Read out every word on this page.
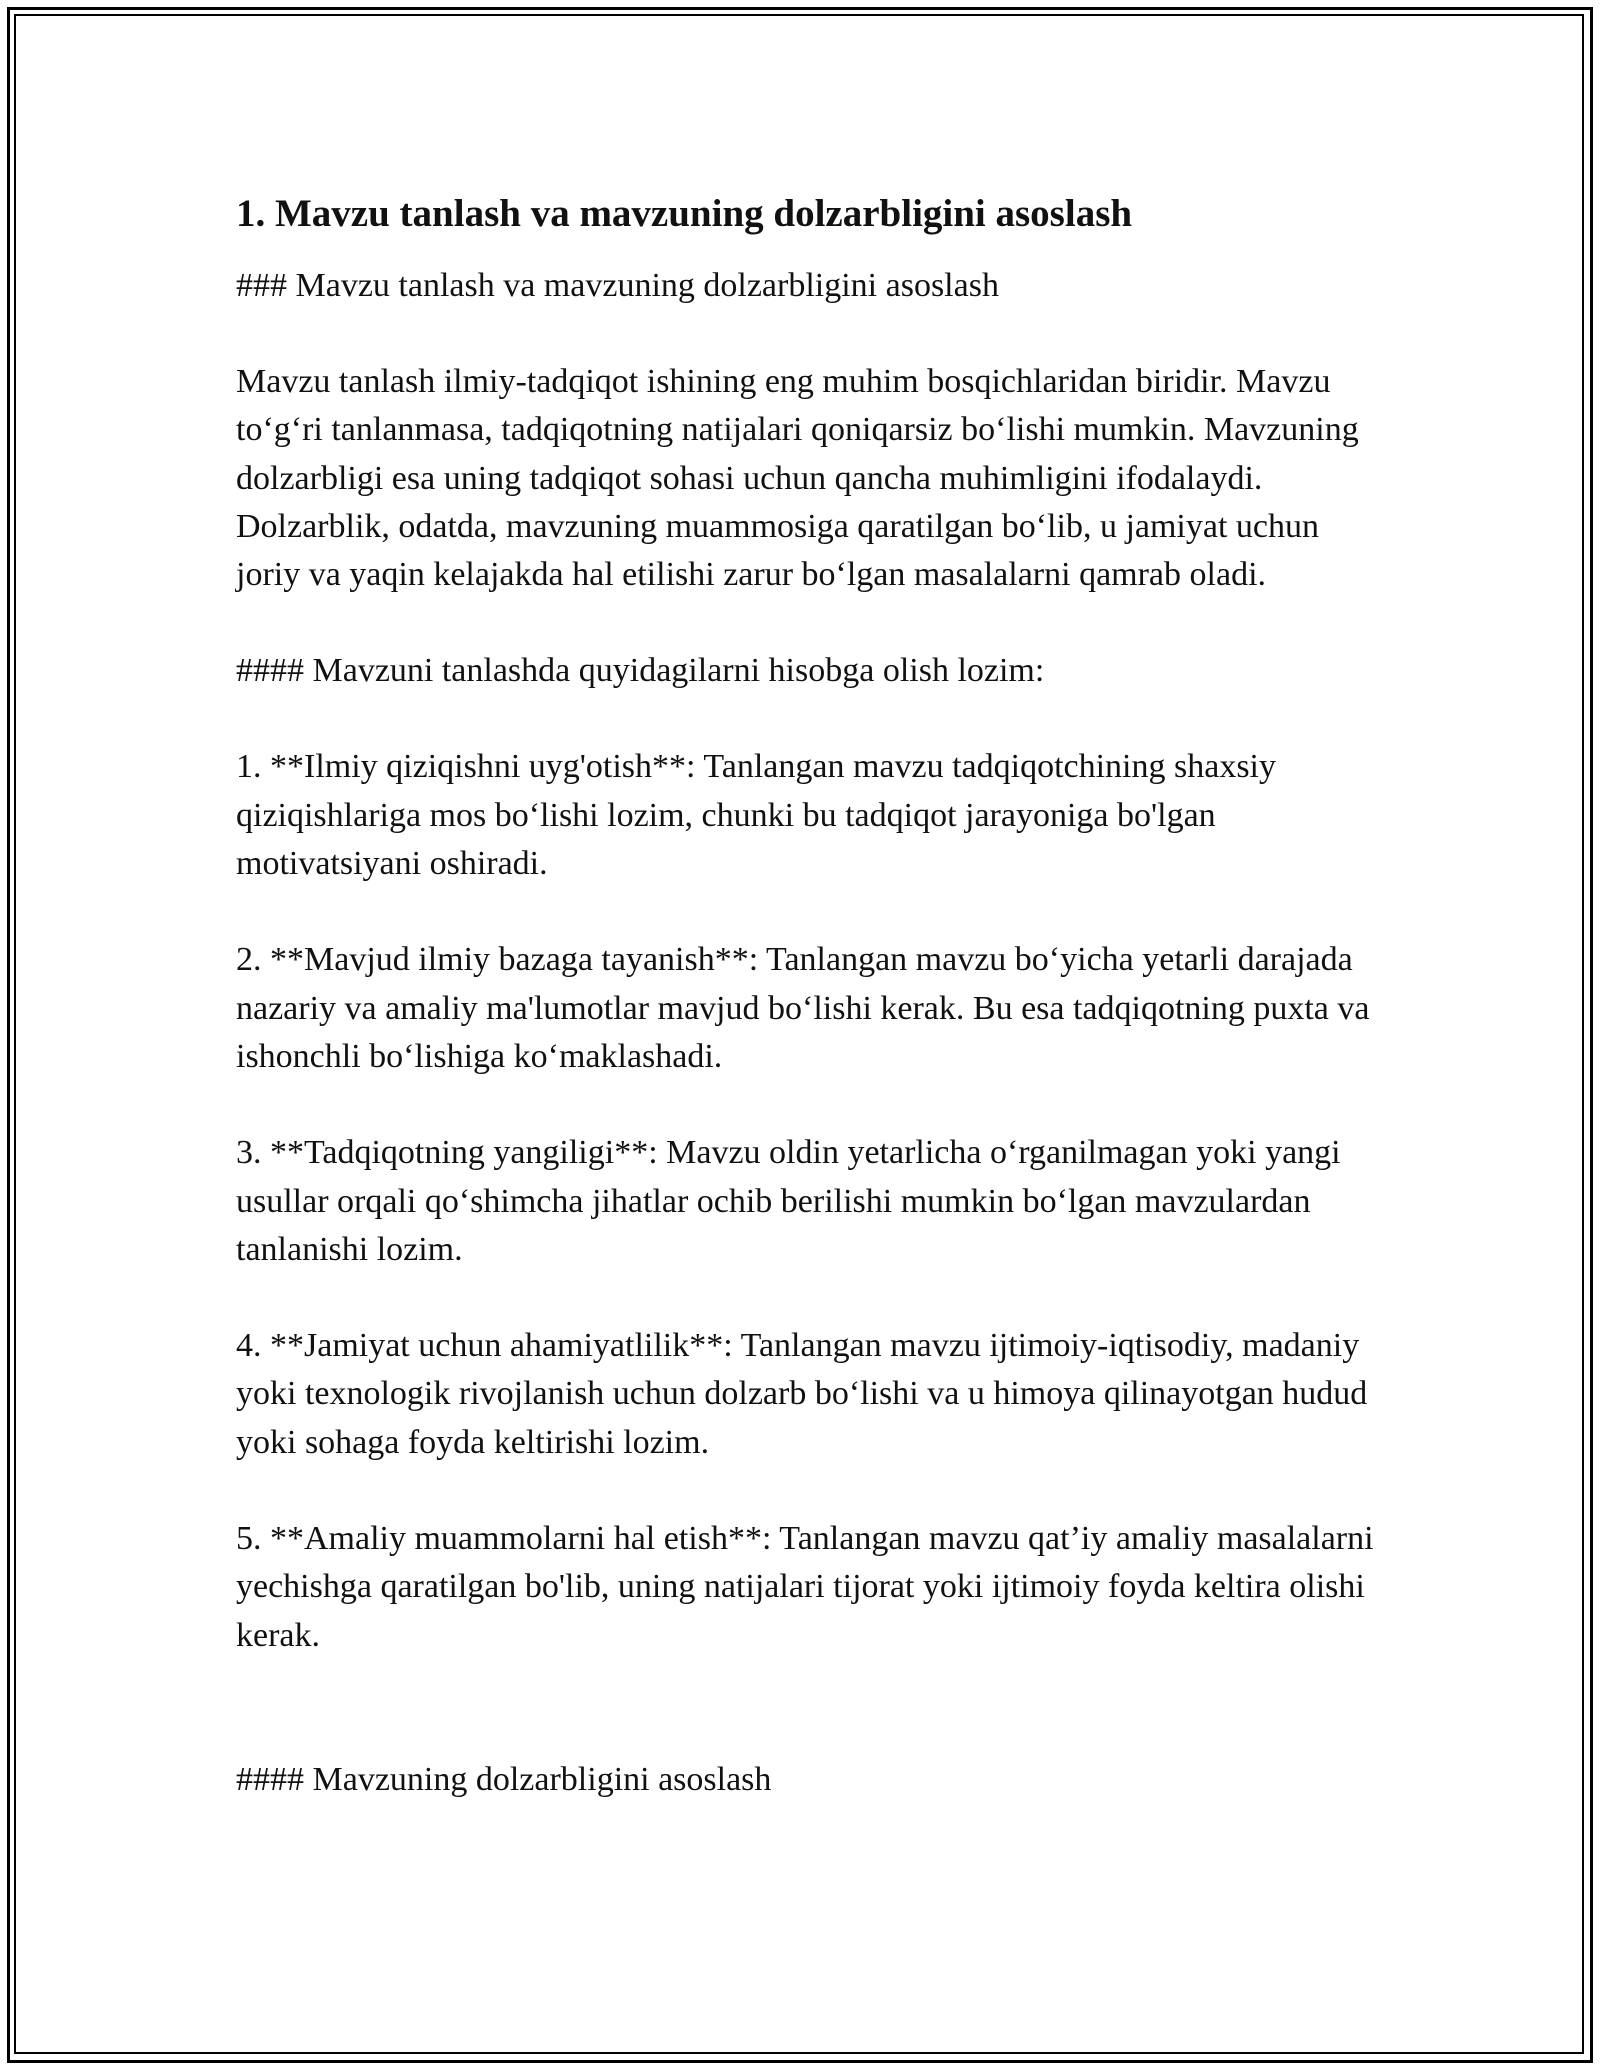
1. Mavzu tanlash va mavzuning dolzarbligini asoslash

### Mavzu tanlash va mavzuning dolzarbligini asoslash

Mavzu tanlash ilmiy-tadqiqot ishining eng muhim bosqichlaridan biridir. Mavzu to‘g‘ri tanlanmasa, tadqiqotning natijalari qoniqarsiz bo‘lishi mumkin. Mavzuning dolzarbligi esa uning tadqiqot sohasi uchun qancha muhimligini ifodalaydi. Dolzarblik, odatda, mavzuning muammosiga qaratilgan bo‘lib, u jamiyat uchun joriy va yaqin kelajakda hal etilishi zarur bo‘lgan masalalarni qamrab oladi.

#### Mavzuni tanlashda quyidagilarni hisobga olish lozim:

1. **Ilmiy qiziqishni uyg'otish**: Tanlangan mavzu tadqiqotchining shaxsiy qiziqishlariga mos bo‘lishi lozim, chunki bu tadqiqot jarayoniga bo'lgan motivatsiyani oshiradi.

2. **Mavjud ilmiy bazaga tayanish**: Tanlangan mavzu bo‘yicha yetarli darajada nazariy va amaliy ma'lumotlar mavjud bo‘lishi kerak. Bu esa tadqiqotning puxta va ishonchli bo‘lishiga ko‘maklashadi.

3. **Tadqiqotning yangiligi**: Mavzu oldin yetarlicha o‘rganilmagan yoki yangi usullar orqali qo‘shimcha jihatlar ochib berilishi mumkin bo‘lgan mavzulardan tanlanishi lozim.

4. **Jamiyat uchun ahamiyatlilik**: Tanlangan mavzu ijtimoiy-iqtisodiy, madaniy yoki texnologik rivojlanish uchun dolzarb bo‘lishi va u himoya qilinayotgan hudud yoki sohaga foyda keltirishi lozim.

5. **Amaliy muammolarni hal etish**: Tanlangan mavzu qat’iy amaliy masalalarni yechishga qaratilgan bo'lib, uning natijalari tijorat yoki ijtimoiy foyda keltira olishi kerak.

#### Mavzuning dolzarbligini asoslash
